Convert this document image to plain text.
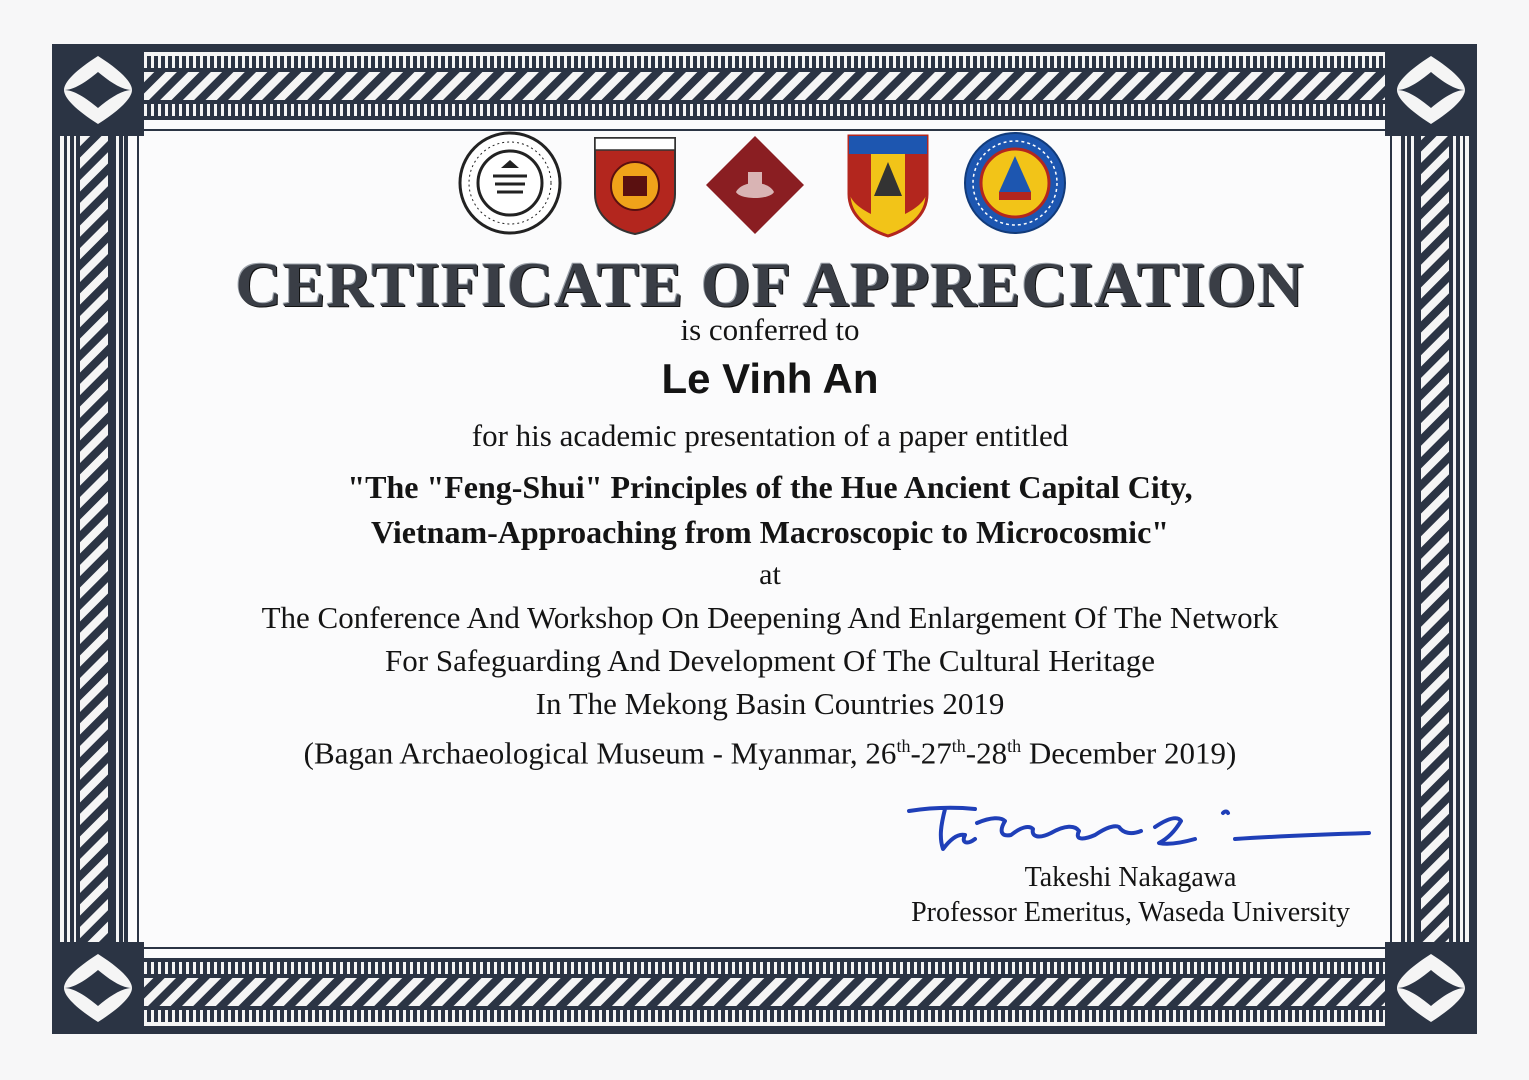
CERTIFICATE OF APPRECIATION
is conferred to
Le Vinh An
for his academic presentation of a paper entitled
"The "Feng-Shui" Principles of the Hue Ancient Capital City,
Vietnam-Approaching from Macroscopic to Microcosmic"
at
The Conference And Workshop On Deepening And Enlargement Of The Network
For Safeguarding And Development Of The Cultural Heritage
In The Mekong Basin Countries 2019
(Bagan Archaeological Museum - Myanmar, 26th-27th-28th December 2019)
Takeshi Nakagawa
Professor Emeritus, Waseda University
